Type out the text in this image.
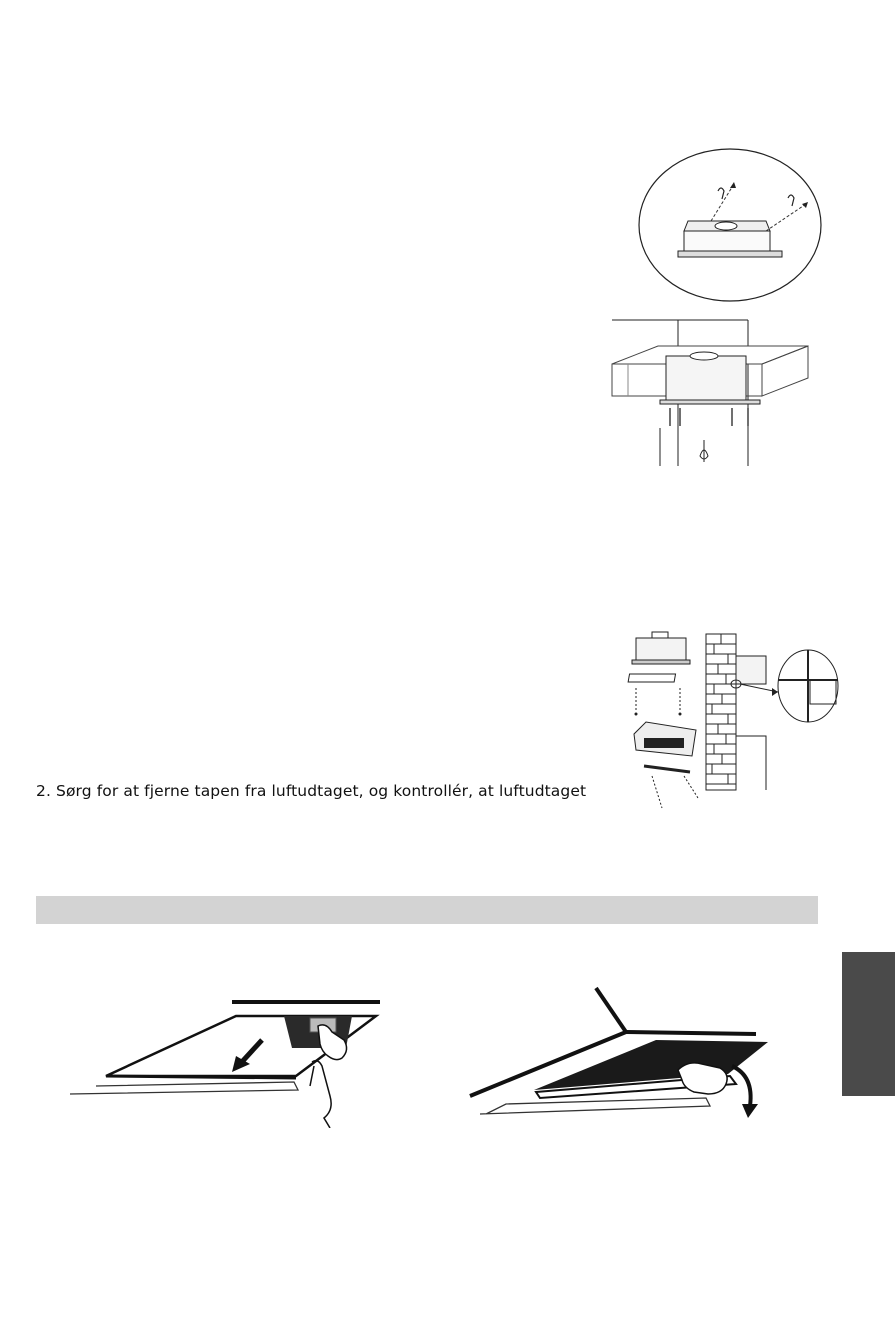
2. Sørg for at fjerne tapen fra luftudtaget, og kontrollér, at luftudtaget
